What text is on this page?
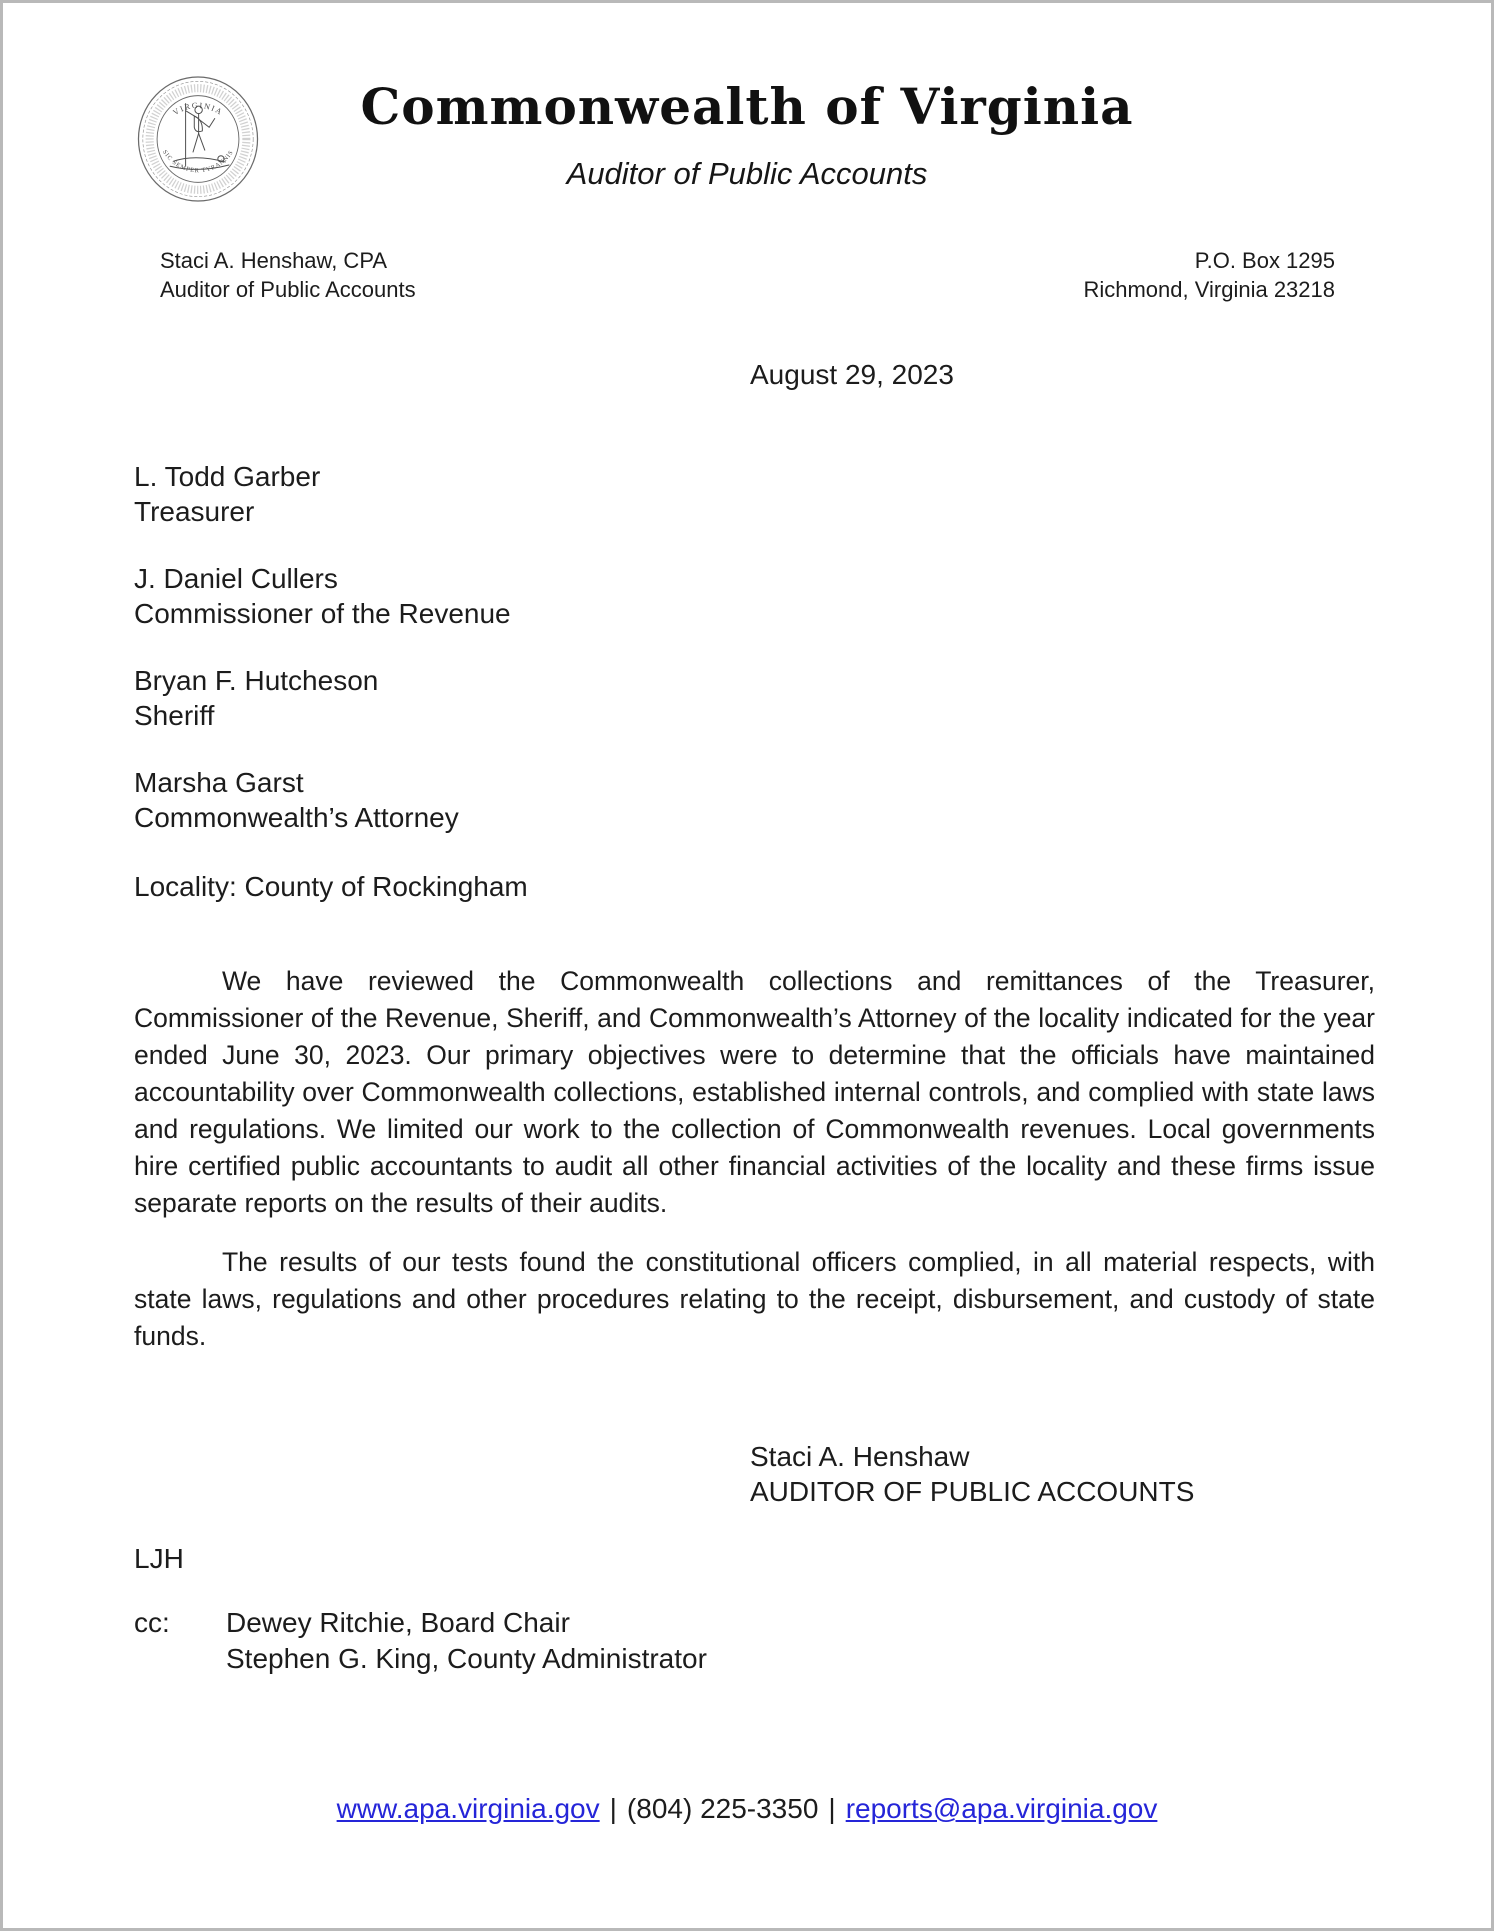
VIRGINIA
SIC SEMPER TYRANNIS
Commonwealth of Virginia
Auditor of Public Accounts
Staci A. Henshaw, CPA
Auditor of Public Accounts
P.O. Box 1295
Richmond, Virginia 23218
August 29, 2023
L. Todd Garber
Treasurer
J. Daniel Cullers
Commissioner of the Revenue
Bryan F. Hutcheson
Sheriff
Marsha Garst
Commonwealth’s Attorney
Locality: County of Rockingham

We have reviewed the Commonwealth collections and remittances of the Treasurer, Commissioner of the Revenue, Sheriff, and Commonwealth’s Attorney of the locality indicated for the year ended June 30, 2023. Our primary objectives were to determine that the officials have maintained accountability over Commonwealth collections, established internal controls, and complied with state laws and regulations. We limited our work to the collection of Commonwealth revenues. Local governments hire certified public accountants to audit all other financial activities of the locality and these firms issue separate reports on the results of their audits.

The results of our tests found the constitutional officers complied, in all material respects, with state laws, regulations and other procedures relating to the receipt, disbursement, and custody of state funds.

Staci A. Henshaw
AUDITOR OF PUBLIC ACCOUNTS
LJH
cc:	Dewey Ritchie, Board Chair
Stephen G. King, County Administrator
www.apa.virginia.gov | (804) 225-3350 | reports@apa.virginia.gov
